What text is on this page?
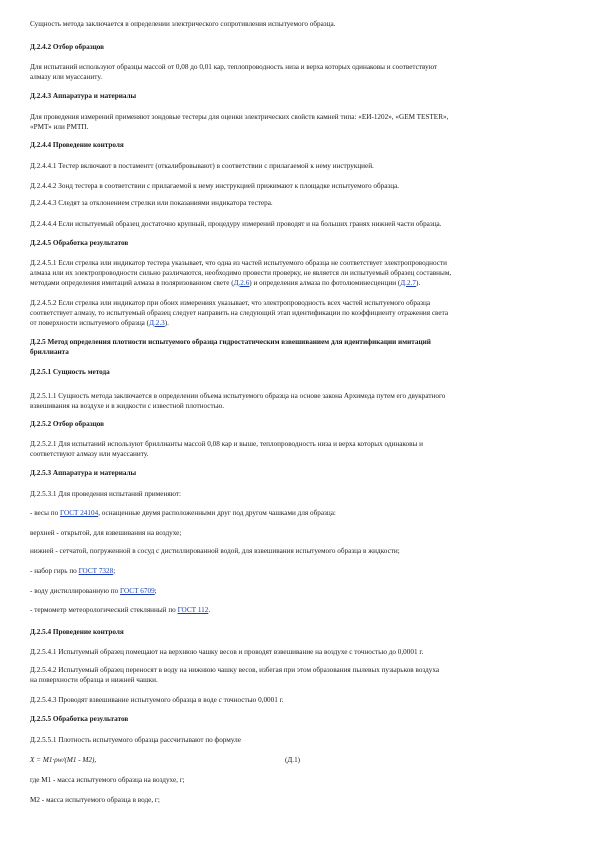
Сущность метода заключается в определении электрического сопротивления испытуемого образца.
Д.2.4.2 Отбор образцов
Для испытаний используют образцы массой от 0,08 до 0,01 кар, теплопроводность низа и верха которых одинаковы и соответствуют
алмазу или муассаниту.
Д.2.4.3 Аппаратура и материалы
Для проведения измерений применяют зондовые тестеры для оценки электрических свойств камней типа: «ЕИ-1202», «GEM TESTER»,
«РМТ» или РМТП.
Д.2.4.4 Проведение контроля
Д.2.4.4.1 Тестер включают в постаментт (откалибровывают) в соответствии с прилагаемой к нему инструкцией.
Д.2.4.4.2 Зонд тестера в соответствии с прилагаемой к нему инструкцией прижимают к площадке испытуемого образца.
Д.2.4.4.3 Следят за отклонением стрелки или показаниями индикатора тестера.
Д.2.4.4.4 Если испытуемый образец достаточно крупный, процедуру измерений проводят и на больших гранях нижней части образца.
Д.2.4.5 Обработка результатов
Д.2.4.5.1 Если стрелка или индикатор тестера указывает, что одна из частей испытуемого образца не соответствует электропроводности
алмаза или их электропроводности сильно различаются, необходимо провести проверку, не является ли испытуемый образец составным,
методами определения имитаций алмаза в поляризованном свете (Д.2.6) и определения алмаза по фотолюминесценции (Д.2.7).
Д.2.4.5.2 Если стрелка или индикатор при обоих измерениях указывает, что электропроводность всех частей испытуемого образца
соответствует алмазу, то испытуемый образец следует направить на следующий этап идентификации по коэффициенту отражения света
от поверхности испытуемого образца (Д.2.3).
Д.2.5 Метод определения плотности испытуемого образца гидростатическим взвешиванием для идентификации имитаций
бриллианта
Д.2.5.1 Сущность метода
Д.2.5.1.1 Сущность метода заключается в определении объема испытуемого образца на основе закона Архимеда путем его двукратного
взвешивания на воздухе и в жидкости с известной плотностью.
Д.2.5.2 Отбор образцов
Д.2.5.2.1 Для испытаний используют бриллианты массой 0,08 кар и выше, теплопроводность низа и верха которых одинаковы и
соответствуют алмазу или муассаниту.
Д.2.5.3 Аппаратура и материалы
Д.2.5.3.1 Для проведения испытаний применяют:
- весы по ГОСТ 24104, оснащенные двумя расположенными друг под другом чашками для образца:
верхней - открытой, для взвешивания на воздухе;
нижней - сетчатой, погруженной в сосуд с дистиллированной водой, для взвешивания испытуемого образца в жидкости;
- набор гирь по ГОСТ 7328;
- воду дистиллированную по ГОСТ 6709;
- термометр метеорологический стеклянный по ГОСТ 112.
Д.2.5.4 Проведение контроля
Д.2.5.4.1 Испытуемый образец помещают на верхнюю чашку весов и проводят взвешивание на воздухе с точностью до 0,0001 г.
Д.2.5.4.2 Испытуемый образец переносят в воду на нижнюю чашку весов, избегая при этом образования пылевых пузырьков воздуха
на поверхности образца и нижней чашки.
Д.2.5.4.3 Проводят взвешивание испытуемого образца в воде с точностью 0,0001 г.
Д.2.5.5 Обработка результатов
Д.2.5.5.1 Плотность испытуемого образца рассчитывают по формуле
Х = М1·ρw/(М1 - М2),	(Д.1)
где М1 - масса испытуемого образца на воздухе, г;
М2 - масса испытуемого образца в воде, г;
